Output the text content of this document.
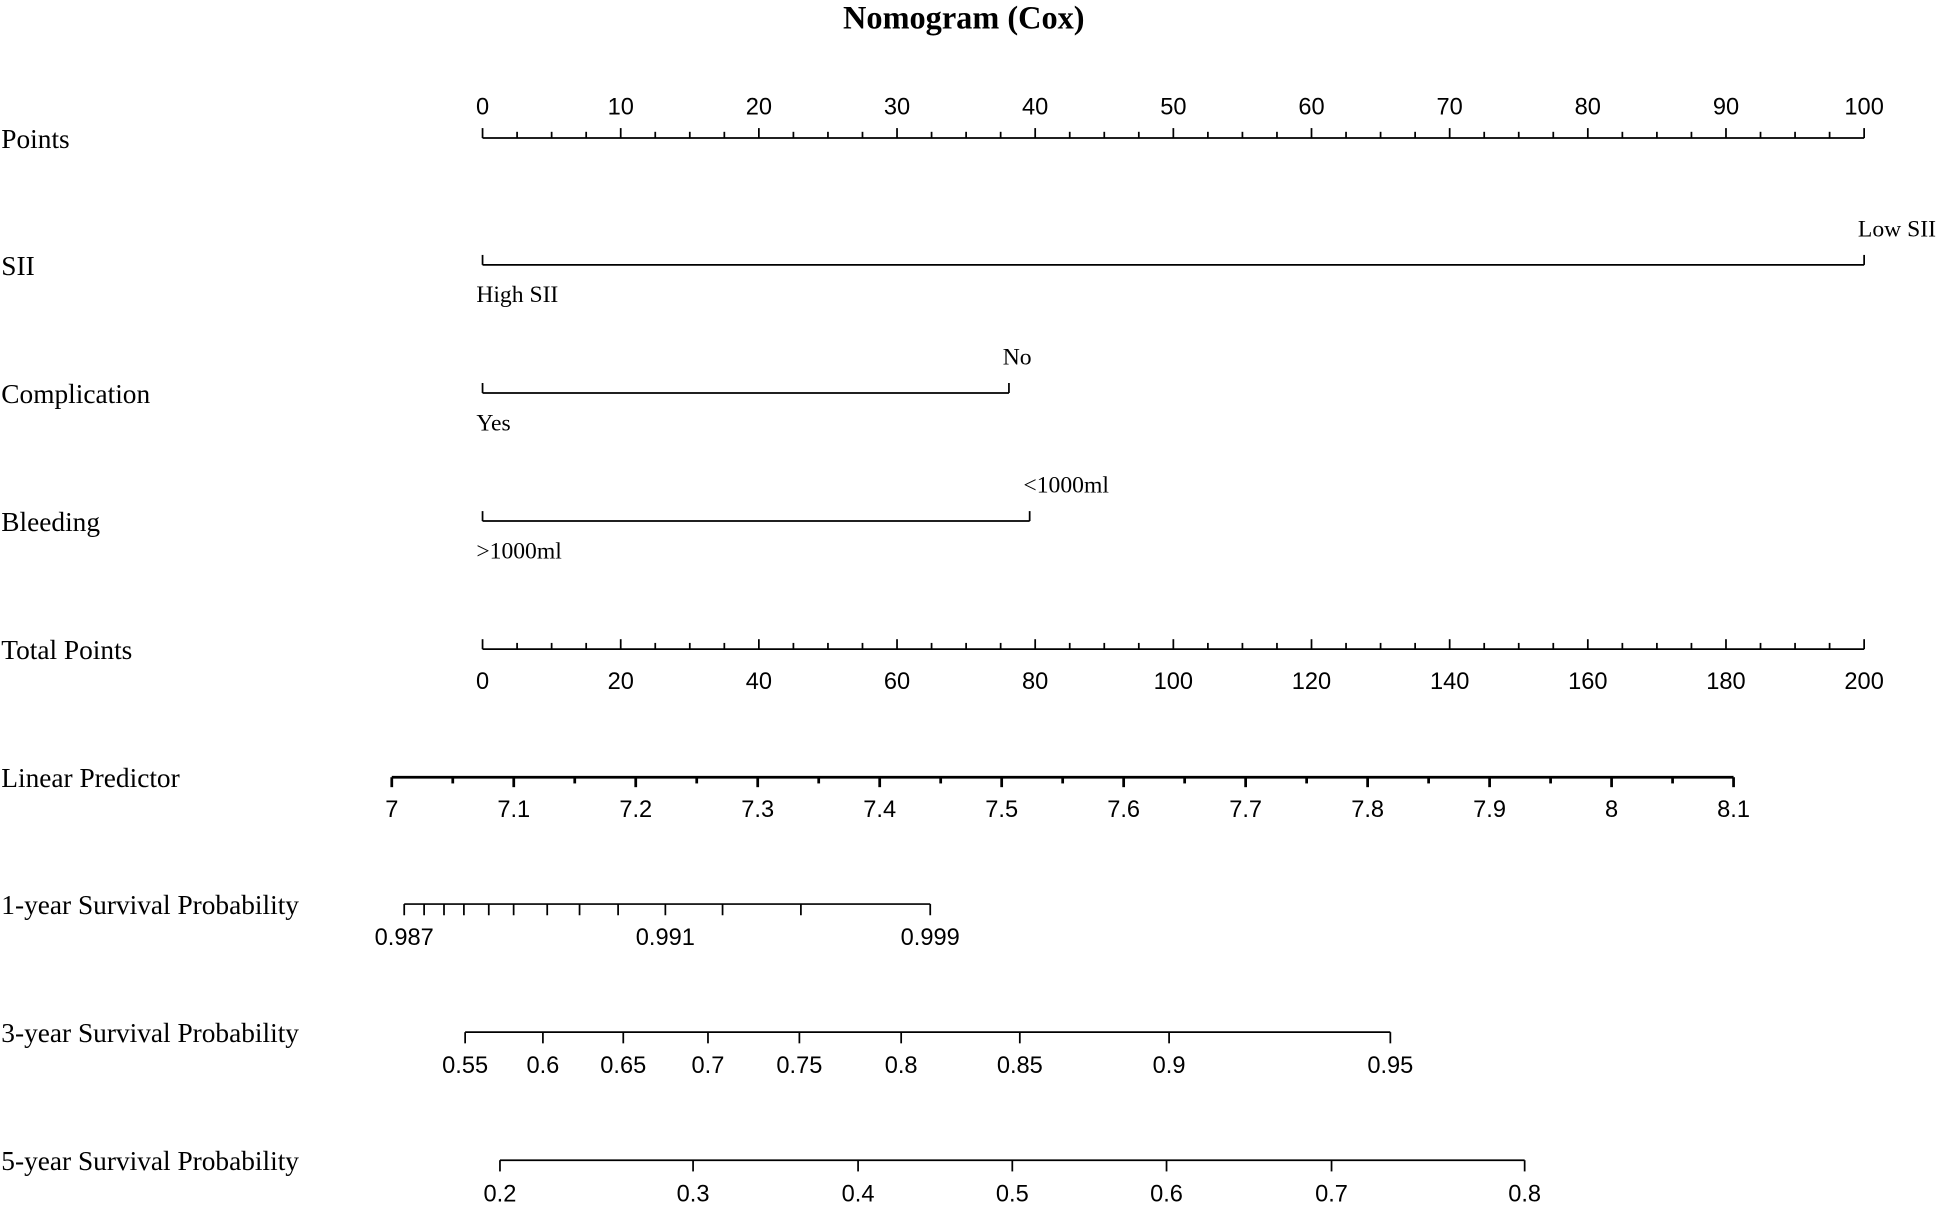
Nomogram (Cox)
Points
0	10	20	30	40	50	60	70	80	90	100
SII
High SII
Low SII
Complication
Yes
No
Bleeding
>1000ml
<1000ml
Total Points
0	20	40	60	80	100	120	140	160	180	200
Linear Predictor
7	7.1	7.2	7.3	7.4	7.5	7.6	7.7	7.8	7.9	8	8.1
1-year Survival Probability
0.987	0.991	0.999
3-year Survival Probability
0.55 0.6 0.65 0.7	0.75	0.8	0.85	0.9	0.95
5-year Survival Probability
0.2	0.3	0.4	0.5	0.6	0.7	0.8
